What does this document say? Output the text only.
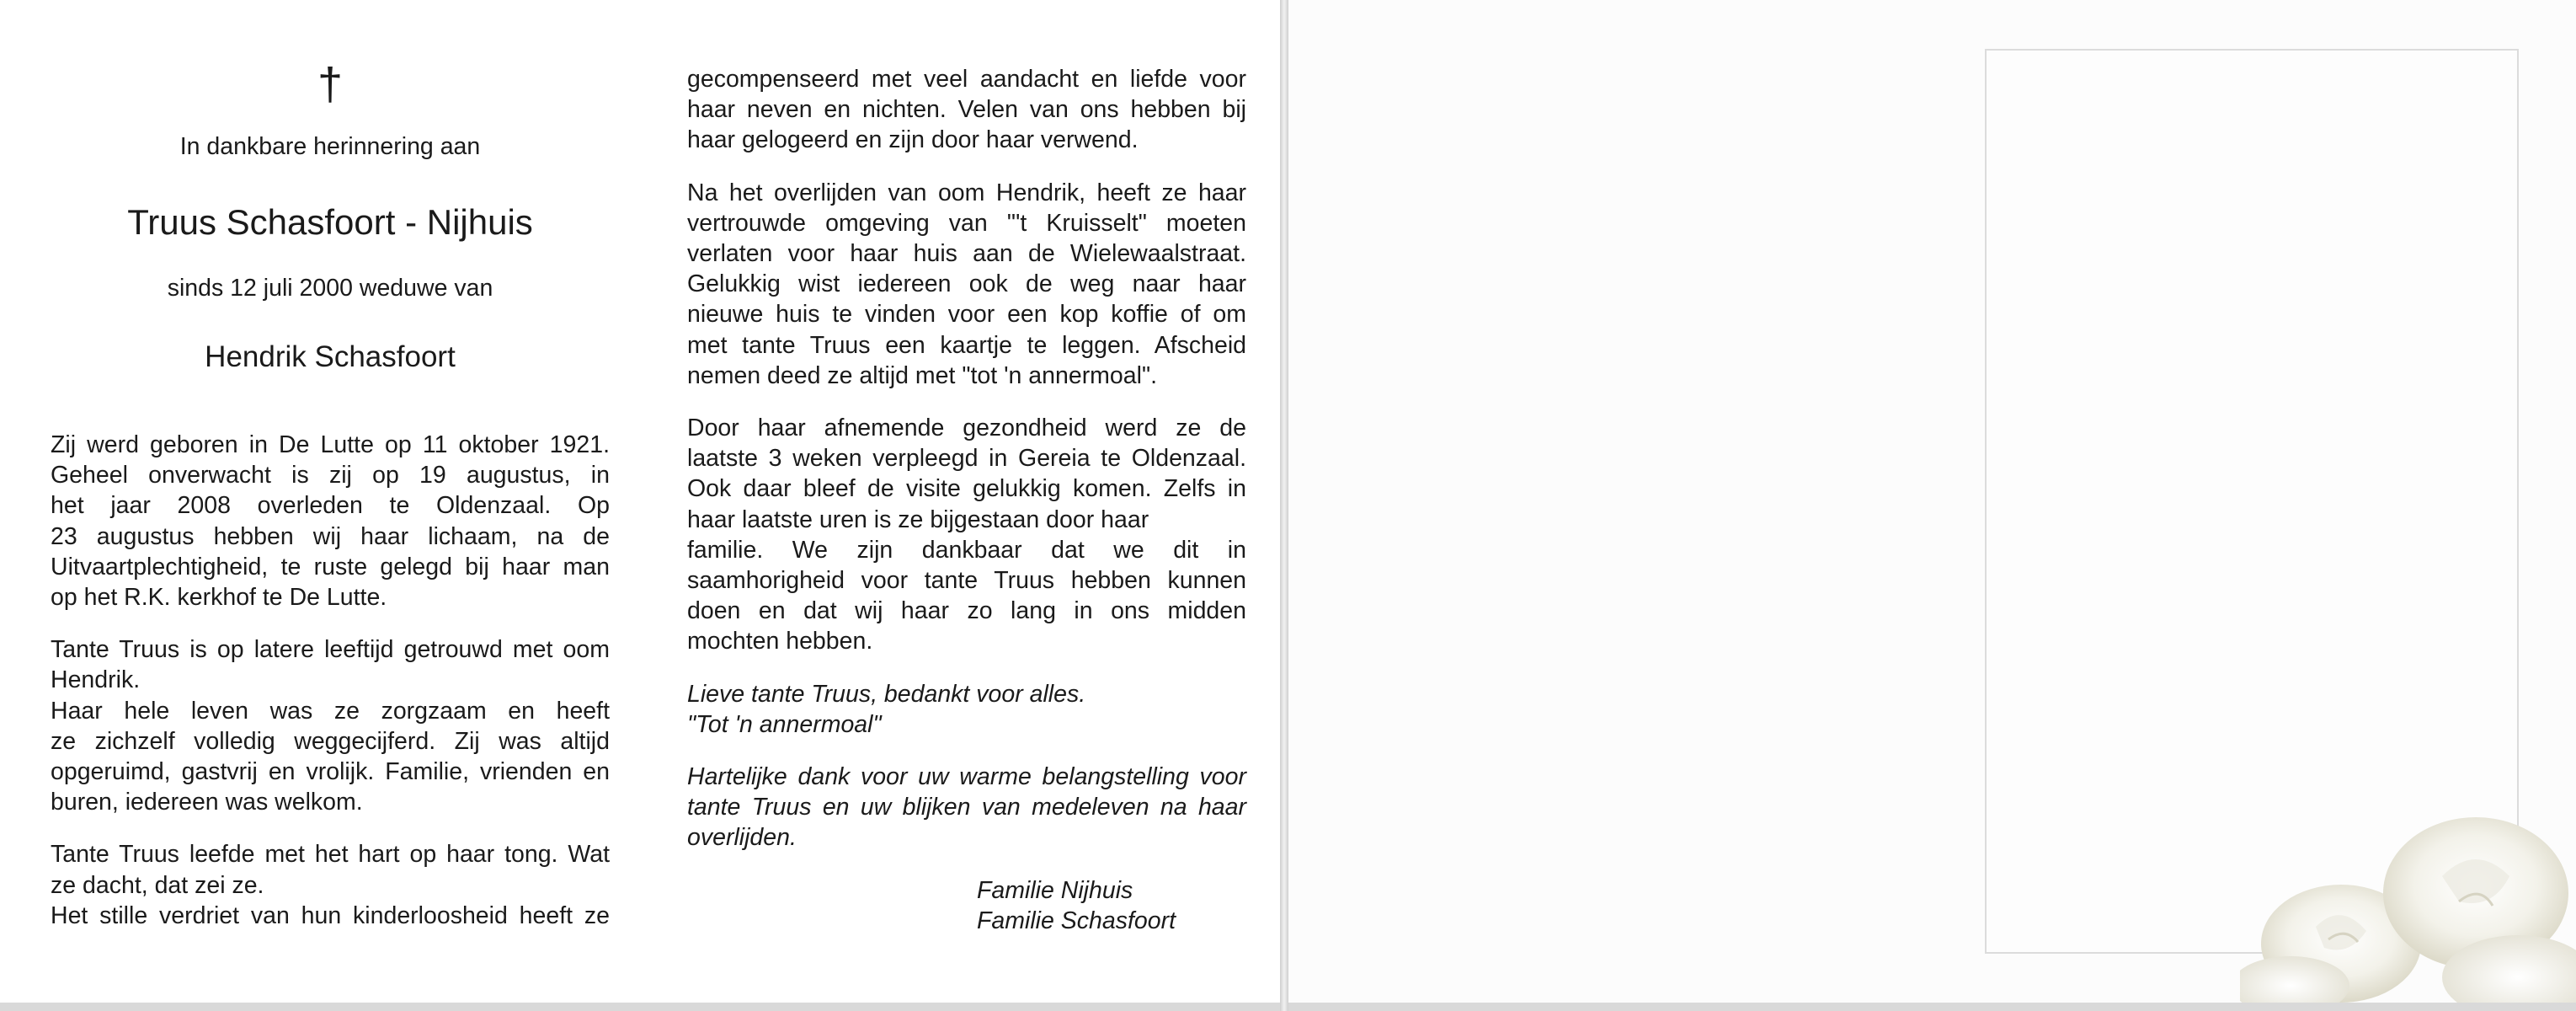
†
In dankbare herinnering aan
Truus Schasfoort - Nijhuis
sinds 12 juli 2000 weduwe van
Hendrik Schasfoort

Zij werd geboren in De Lutte op 11 oktober 1921.
Geheel onverwacht is zij op 19 augustus, in
het jaar 2008 overleden te Oldenzaal. Op
23 augustus hebben wij haar lichaam, na de
Uitvaartplechtigheid, te ruste gelegd bij haar man
op het R.K. kerkhof te De Lutte.

Tante Truus is op latere leeftijd getrouwd met oom
Hendrik.
Haar hele leven was ze zorgzaam en heeft
ze zichzelf volledig weggecijferd. Zij was altijd
opgeruimd, gastvrij en vrolijk. Familie, vrienden en
buren, iedereen was welkom.

Tante Truus leefde met het hart op haar tong. Wat
ze dacht, dat zei ze.
Het stille verdriet van hun kinderloosheid heeft ze

gecompenseerd met veel aandacht en liefde voor
haar neven en nichten. Velen van ons hebben bij
haar gelogeerd en zijn door haar verwend.

Na het overlijden van oom Hendrik, heeft ze haar
vertrouwde omgeving van "'t Kruisselt" moeten
verlaten voor haar huis aan de Wielewaalstraat.
Gelukkig wist iedereen ook de weg naar haar
nieuwe huis te vinden voor een kop koffie of om
met tante Truus een kaartje te leggen. Afscheid
nemen deed ze altijd met "tot 'n annermoal".

Door haar afnemende gezondheid werd ze de
laatste 3 weken verpleegd in Gereia te Oldenzaal.
Ook daar bleef de visite gelukkig komen. Zelfs in
haar laatste uren is ze bijgestaan door haar
familie. We zijn dankbaar dat we dit in
saamhorigheid voor tante Truus hebben kunnen
doen en dat wij haar zo lang in ons midden
mochten hebben.

Lieve tante Truus, bedankt voor alles.
"Tot 'n annermoal"

Hartelijke dank voor uw warme belangstelling voor
tante Truus en uw blijken van medeleven na haar
overlijden.

Familie Nijhuis
Familie Schasfoort
